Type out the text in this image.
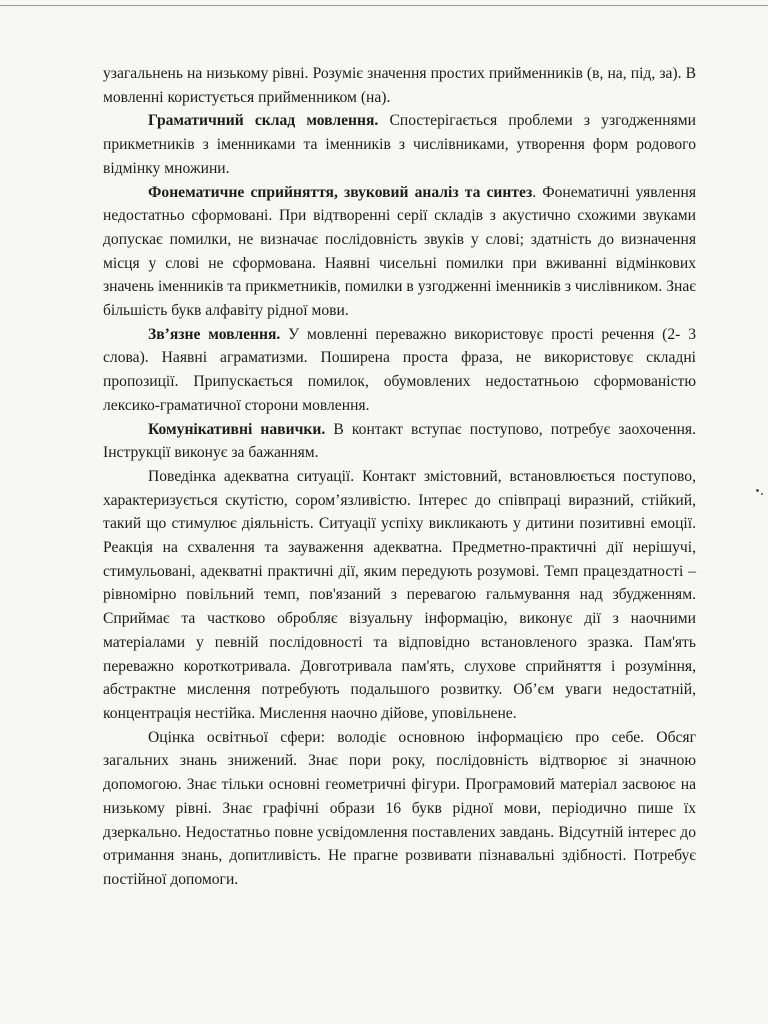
узагальнень на низькому рівні. Розуміє значення простих прийменників (в, на, під, за). В мовленні користується прийменником (на).

Граматичний склад мовлення. Спостерігається проблеми з узгодженнями прикметників з іменниками та іменників з числівниками, утворення форм родового відмінку множини.

Фонематичне сприйняття, звуковий аналіз та синтез. Фонематичні уявлення недостатньо сформовані. При відтворенні серії складів з акустично схожими звуками допускає помилки, не визначає послідовність звуків у слові; здатність до визначення місця у слові не сформована. Наявні чисельні помилки при вживанні відмінкових значень іменників та прикметників, помилки в узгодженні іменників з числівником. Знає більшість букв алфавіту рідної мови.

Зв’язне мовлення. У мовленні переважно використовує прості речення (2- 3 слова). Наявні аграматизми. Поширена проста фраза, не використовує складні пропозиції. Припускається помилок, обумовлених недостатньою сформованістю лексико-граматичної сторони мовлення.

Комунікативні навички. В контакт вступає поступово, потребує заохочення. Інструкції виконує за бажанням.

Поведінка адекватна ситуації. Контакт змістовний, встановлюється поступово, характеризується скутістю, сором’язливістю. Інтерес до співпраці виразний, стійкий, такий що стимулює діяльність. Ситуації успіху викликають у дитини позитивні емоції. Реакція на схвалення та зауваження адекватна. Предметно-практичні дії нерішучі, стимульовані, адекватні практичні дії, яким передують розумові. Темп працездатності – рівномірно повільний темп, пов'язаний з перевагою гальмування над збудженням. Сприймає та частково обробляє візуальну інформацію, виконує дії з наочними матеріалами у певній послідовності та відповідно встановленого зразка. Пам'ять переважно короткотривала. Довготривала пам'ять, слухове сприйняття і розуміння, абстрактне мислення потребують подальшого розвитку. Об’єм уваги недостатній, концентрація нестійка. Мислення наочно дійове, уповільнене.

Оцінка освітньої сфери: володіє основною інформацією про себе. Обсяг загальних знань знижений. Знає пори року, послідовність відтворює зі значною допомогою. Знає тільки основні геометричні фігури. Програмовий матеріал засвоює на низькому рівні. Знає графічні образи 16 букв рідної мови, періодично пише їх дзеркально. Недостатньо повне усвідомлення поставлених завдань. Відсутній інтерес до отримання знань, допитливість. Не прагне розвивати пізнавальні здібності. Потребує постійної допомоги.
